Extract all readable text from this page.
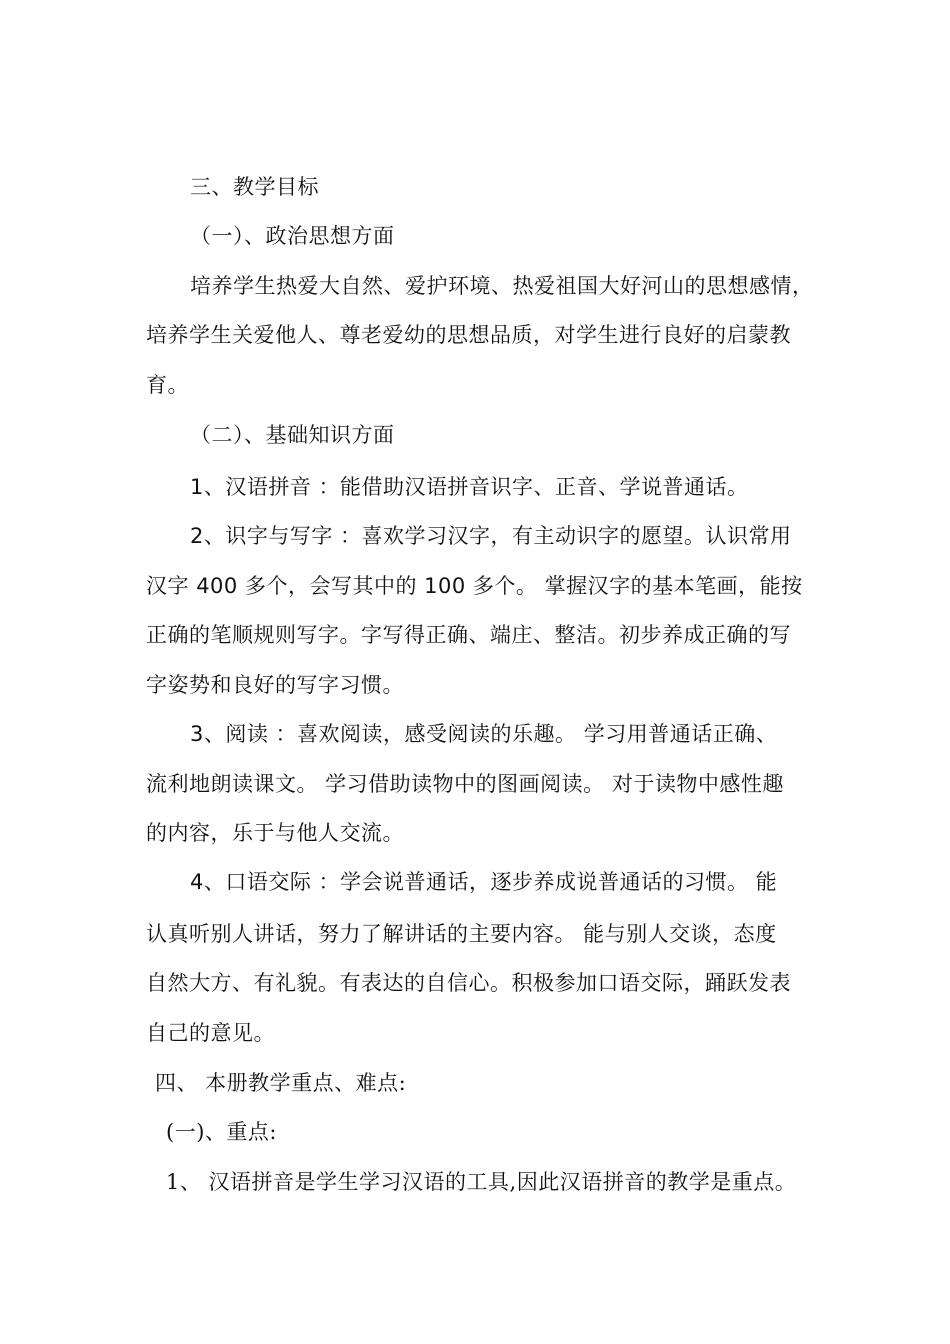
三、教学目标
（一）、政治思想方面
培养学生热爱大自然、爱护环境、热爱祖国大好河山的思想感情，
培养学生关爱他人、尊老爱幼的思想品质，对学生进行良好的启蒙教
育。
（二）、基础知识方面
1、汉语拼音 ：能借助汉语拼音识字、正音、学说普通话。
2、识字与写字 ：喜欢学习汉字，有主动识字的愿望。认识常用
汉字 400 多个，会写其中的 100 多个。 掌握汉字的基本笔画，能按
正确的笔顺规则写字。字写得正确、端庄、整洁。初步养成正确的写
字姿势和良好的写字习惯。
3、阅读 ：喜欢阅读，感受阅读的乐趣。 学习用普通话正确、
流利地朗读课文。 学习借助读物中的图画阅读。 对于读物中感性趣
的内容，乐于与他人交流。
4、口语交际 ：学会说普通话，逐步养成说普通话的习惯。 能
认真听别人讲话，努力了解讲话的主要内容。 能与别人交谈，态度
自然大方、有礼貌。有表达的自信心。积极参加口语交际，踊跃发表
自己的意见。
四、 本册教学重点、难点:
(一)、重点:
1、 汉语拼音是学生学习汉语的工具,因此汉语拼音的教学是重点。
